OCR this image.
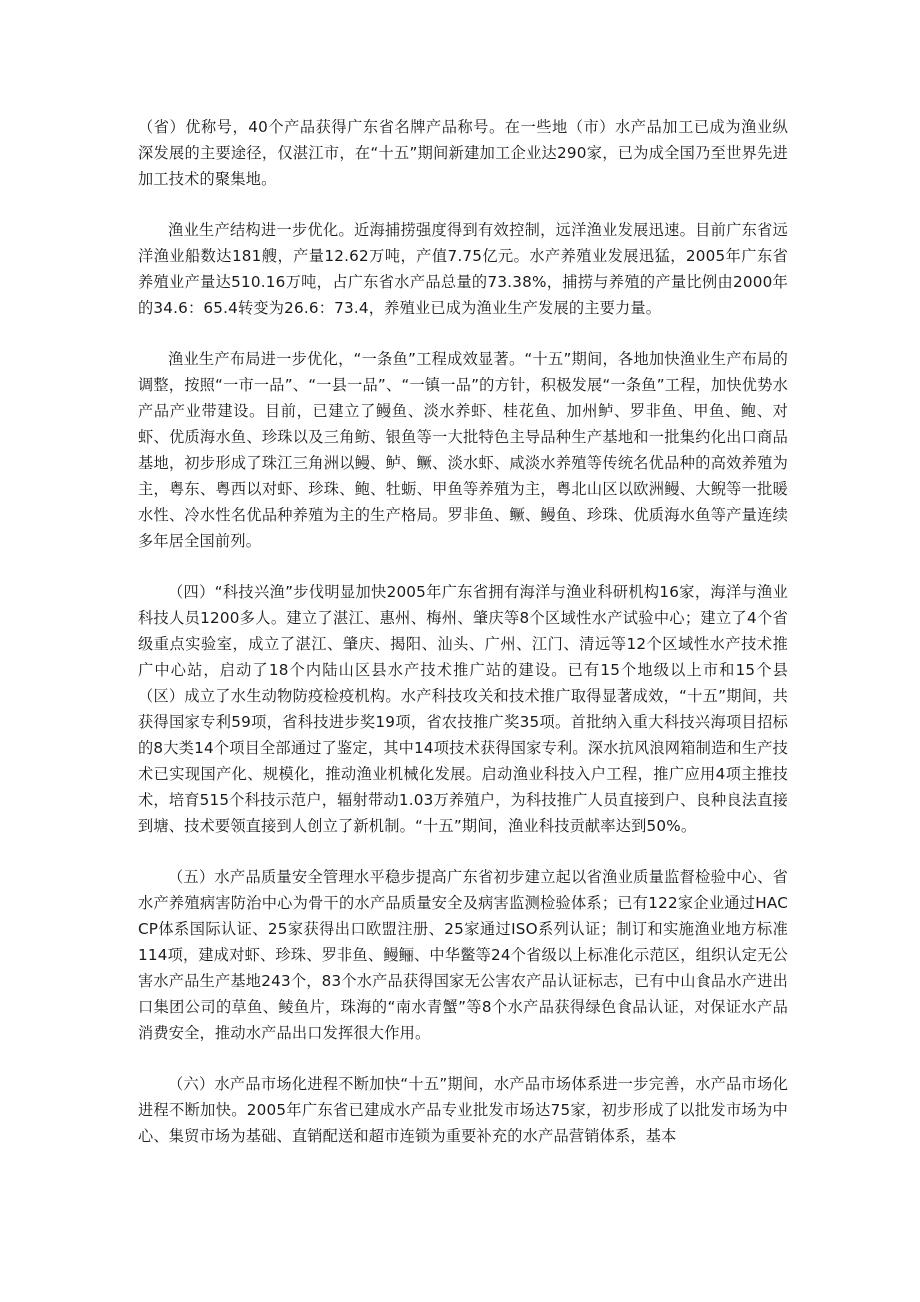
（省）优称号，40个产品获得广东省名牌产品称号。在一些地（市）水产品加工已成为渔业纵深发展的主要途径，仅湛江市，在“十五”期间新建加工企业达290家，已为成全国乃至世界先进加工技术的聚集地。

渔业生产结构进一步优化。近海捕捞强度得到有效控制，远洋渔业发展迅速。目前广东省远洋渔业船数达181艘，产量12.62万吨，产值7.75亿元。水产养殖业发展迅猛，2005年广东省养殖业产量达510.16万吨，占广东省水产品总量的73.38%，捕捞与养殖的产量比例由2000年的34.6：65.4转变为26.6：73.4，养殖业已成为渔业生产发展的主要力量。

渔业生产布局进一步优化，“一条鱼”工程成效显著。“十五”期间，各地加快渔业生产布局的调整，按照“一市一品”、“一县一品”、“一镇一品”的方针，积极发展“一条鱼”工程，加快优势水产品产业带建设。目前，已建立了鳗鱼、淡水养虾、桂花鱼、加州鲈、罗非鱼、甲鱼、鲍、对虾、优质海水鱼、珍珠以及三角鲂、银鱼等一大批特色主导品种生产基地和一批集约化出口商品基地，初步形成了珠江三角洲以鳗、鲈、鳜、淡水虾、咸淡水养殖等传统名优品种的高效养殖为主，粤东、粤西以对虾、珍珠、鲍、牡蛎、甲鱼等养殖为主，粤北山区以欧洲鳗、大鲵等一批暖水性、冷水性名优品种养殖为主的生产格局。罗非鱼、鳜、鳗鱼、珍珠、优质海水鱼等产量连续多年居全国前列。

（四）“科技兴渔”步伐明显加快2005年广东省拥有海洋与渔业科研机构16家，海洋与渔业科技人员1200多人。建立了湛江、惠州、梅州、肇庆等8个区域性水产试验中心；建立了4个省级重点实验室，成立了湛江、肇庆、揭阳、汕头、广州、江门、清远等12个区域性水产技术推广中心站，启动了18个内陆山区县水产技术推广站的建设。已有15个地级以上市和15个县（区）成立了水生动物防疫检疫机构。水产科技攻关和技术推广取得显著成效，“十五”期间，共获得国家专利59项，省科技进步奖19项，省农技推广奖35项。首批纳入重大科技兴海项目招标的8大类14个项目全部通过了鉴定，其中14项技术获得国家专利。深水抗风浪网箱制造和生产技术已实现国产化、规模化，推动渔业机械化发展。启动渔业科技入户工程，推广应用4项主推技术，培育515个科技示范户，辐射带动1.03万养殖户，为科技推广人员直接到户、良种良法直接到塘、技术要领直接到人创立了新机制。“十五”期间，渔业科技贡献率达到50%。

（五）水产品质量安全管理水平稳步提高广东省初步建立起以省渔业质量监督检验中心、省水产养殖病害防治中心为骨干的水产品质量安全及病害监测检验体系；已有122家企业通过HACCP体系国际认证、25家获得出口欧盟注册、25家通过ISO系列认证；制订和实施渔业地方标准114项，建成对虾、珍珠、罗非鱼、鳗鲡、中华鳖等24个省级以上标准化示范区，组织认定无公害水产品生产基地243个，83个水产品获得国家无公害农产品认证标志，已有中山食品水产进出口集团公司的草鱼、鲮鱼片，珠海的“南水青蟹”等8个水产品获得绿色食品认证，对保证水产品消费安全，推动水产品出口发挥很大作用。

（六）水产品市场化进程不断加快“十五”期间，水产品市场体系进一步完善，水产品市场化进程不断加快。2005年广东省已建成水产品专业批发市场达75家，初步形成了以批发市场为中心、集贸市场为基础、直销配送和超市连锁为重要补充的水产品营销体系，基本
